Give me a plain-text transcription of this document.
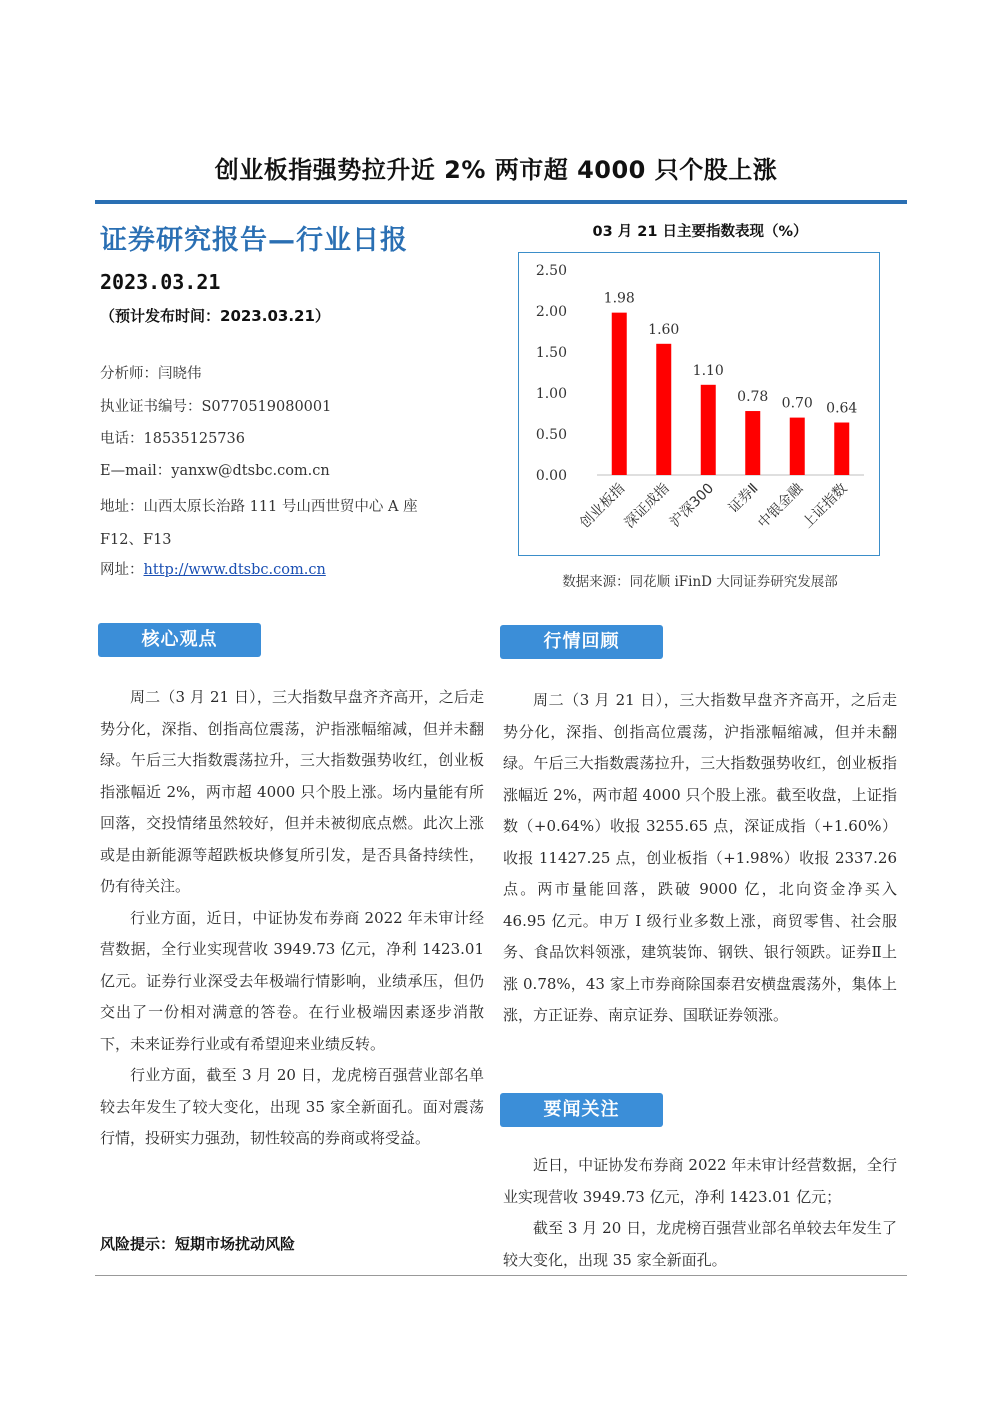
创业板指强势拉升近 2% 两市超 4000 只个股上涨
证券研究报告—行业日报
2023.03.21
（预计发布时间：2023.03.21）
分析师：闫晓伟
执业证书编号：S0770519080001
电话：18535125736
E—mail：yanxw@dtsbc.com.cn
地址：山西太原长治路 111 号山西世贸中心 A 座
F12、F13
网址：http://www.dtsbc.com.cn
03 月 21 日主要指数表现（%）
0.00
0.50
1.00
1.50
2.00
2.50
1.98
创业板指
1.60
深证成指
1.10
沪深300
0.78
证券Ⅱ
0.70
中银金融
0.64
上证指数
数据来源：同花顺 iFinD 大同证券研究发展部
核心观点

周二（3 月 21 日），三大指数早盘齐齐高开，之后走势分化，深指、创指高位震荡，沪指涨幅缩减，但并未翻绿。午后三大指数震荡拉升，三大指数强势收红，创业板指涨幅近 2%，两市超 4000 只个股上涨。场内量能有所回落，交投情绪虽然较好，但并未被彻底点燃。此次上涨或是由新能源等超跌板块修复所引发，是否具备持续性，仍有待关注。

行业方面，近日，中证协发布券商 2022 年未审计经营数据，全行业实现营收 3949.73 亿元，净利 1423.01 亿元。证券行业深受去年极端行情影响，业绩承压，但仍交出了一份相对满意的答卷。在行业极端因素逐步消散下，未来证券行业或有希望迎来业绩反转。

行业方面，截至 3 月 20 日，龙虎榜百强营业部名单较去年发生了较大变化，出现 35 家全新面孔。面对震荡行情，投研实力强劲，韧性较高的券商或将受益。

风险提示：短期市场扰动风险
行情回顾

周二（3 月 21 日），三大指数早盘齐齐高开，之后走势分化，深指、创指高位震荡，沪指涨幅缩减，但并未翻绿。午后三大指数震荡拉升，三大指数强势收红，创业板指涨幅近 2%，两市超 4000 只个股上涨。截至收盘，上证指数（+0.64%）收报 3255.65 点，深证成指（+1.60%）收报 11427.25 点，创业板指（+1.98%）收报 2337.26 点。两市量能回落，跌破 9000 亿，北向资金净买入 46.95 亿元。申万 I 级行业多数上涨，商贸零售、社会服务、食品饮料领涨，建筑装饰、钢铁、银行领跌。证券Ⅱ上涨 0.78%，43 家上市券商除国泰君安横盘震荡外，集体上涨，方正证券、南京证券、国联证券领涨。

要闻关注

近日，中证协发布券商 2022 年未审计经营数据，全行业实现营收 3949.73 亿元，净利 1423.01 亿元；

截至 3 月 20 日，龙虎榜百强营业部名单较去年发生了较大变化，出现 35 家全新面孔。
